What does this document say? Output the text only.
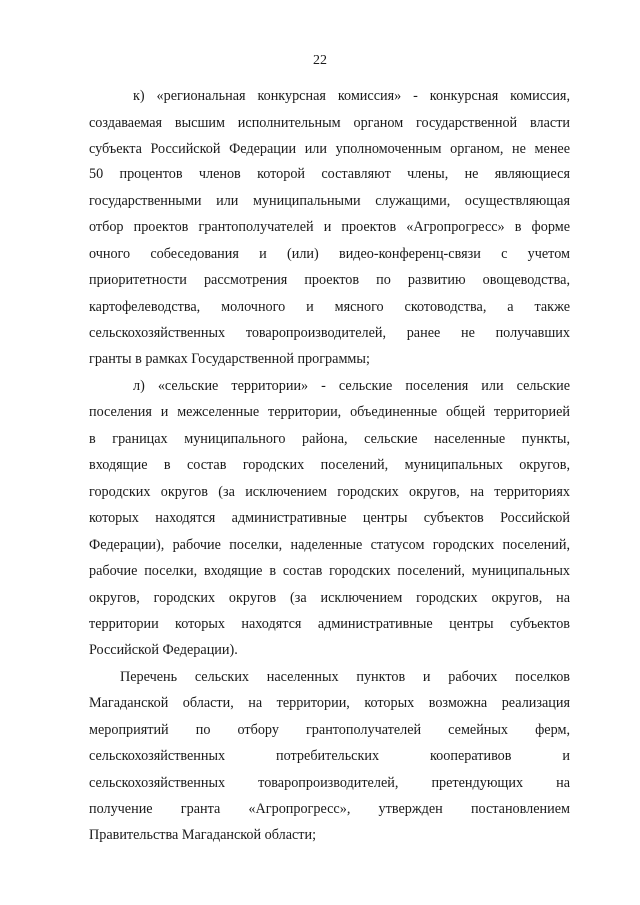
22
к) «региональная конкурсная комиссия» - конкурсная комиссия,
создаваемая высшим исполнительным органом государственной власти
субъекта Российской Федерации или уполномоченным органом, не менее
50 процентов членов которой составляют члены, не являющиеся
государственными или муниципальными служащими, осуществляющая
отбор проектов грантополучателей и проектов «Агропрогресс» в форме
очного собеседования и (или) видео-конференц-связи с учетом
приоритетности рассмотрения проектов по развитию овощеводства,
картофелеводства, молочного и мясного скотоводства, а также
сельскохозяйственных товаропроизводителей, ранее не получавших
гранты в рамках Государственной программы;
л) «сельские территории» - сельские поселения или сельские
поселения и межселенные территории, объединенные общей территорией
в границах муниципального района, сельские населенные пункты,
входящие в состав городских поселений, муниципальных округов,
городских округов (за исключением городских округов, на территориях
которых находятся административные центры субъектов Российской
Федерации), рабочие поселки, наделенные статусом городских поселений,
рабочие поселки, входящие в состав городских поселений, муниципальных
округов, городских округов (за исключением городских округов, на
территории которых находятся административные центры субъектов
Российской Федерации).
Перечень сельских населенных пунктов и рабочих поселков
Магаданской области, на территории, которых возможна реализация
мероприятий по отбору грантополучателей семейных ферм,
сельскохозяйственных потребительских кооперативов и
сельскохозяйственных товаропроизводителей, претендующих на
получение гранта «Агропрогресс», утвержден постановлением
Правительства Магаданской области;
